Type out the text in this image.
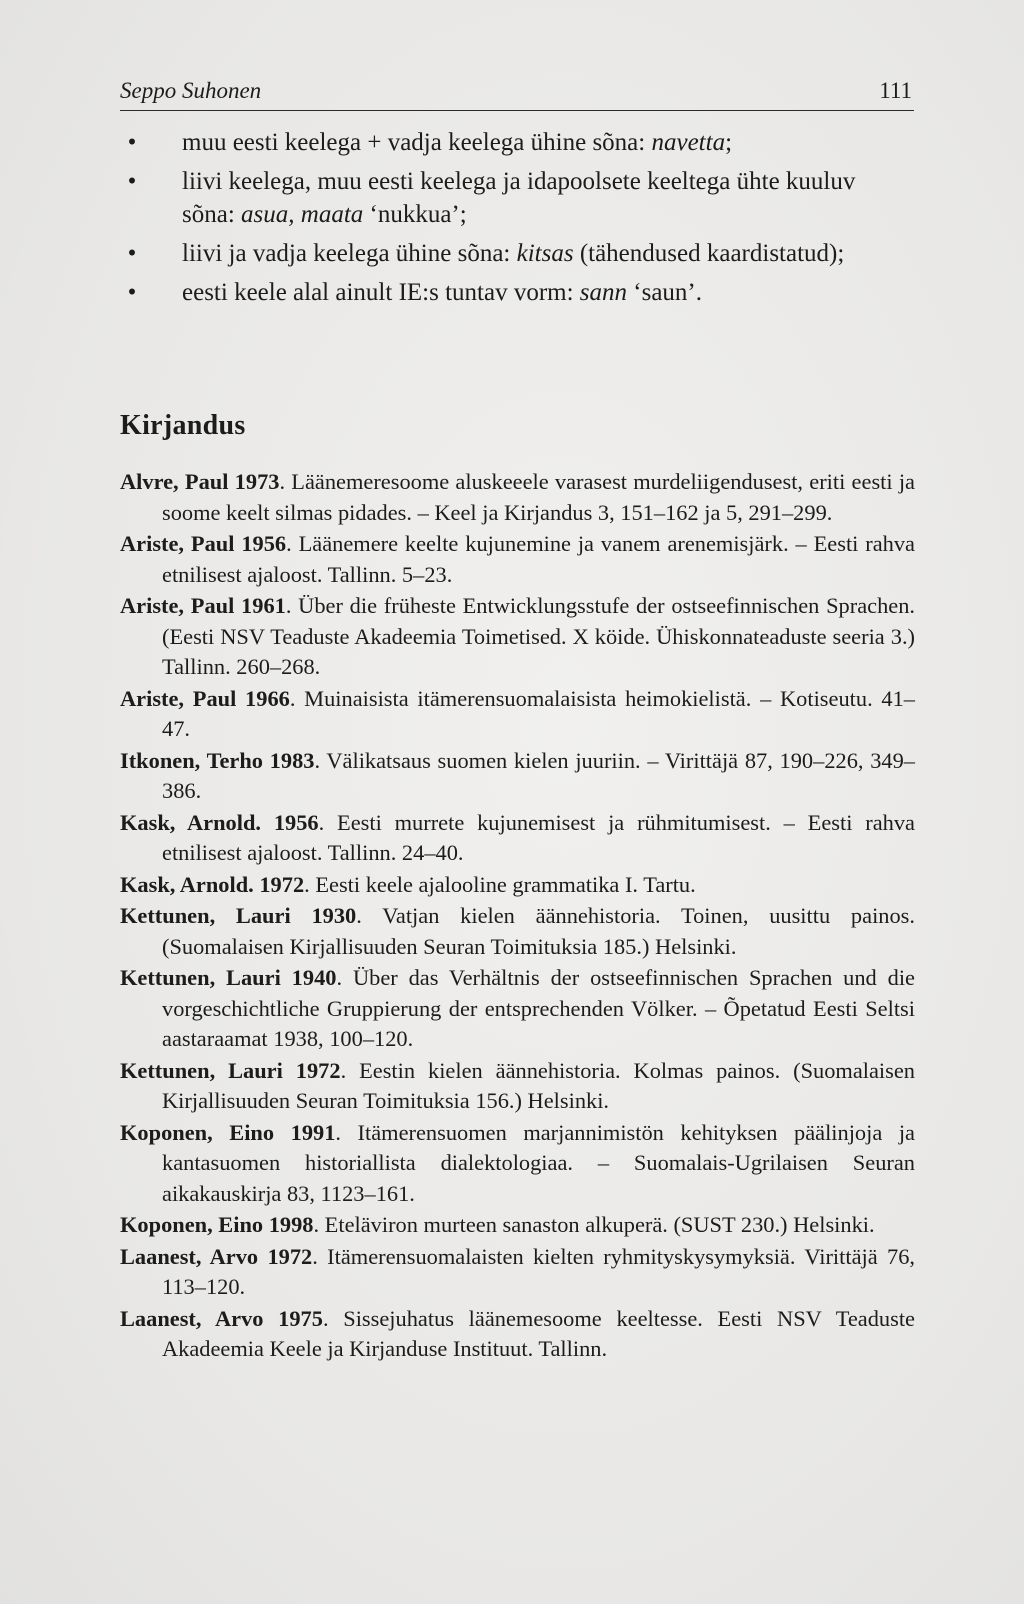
Seppo Suhonen	111
•	muu eesti keelega + vadja keelega ühine sõna: navetta;
•	liivi keelega, muu eesti keelega ja idapoolsete keeltega ühte kuuluv sõna: asua, maata ‘nukkua’;
•	liivi ja vadja keelega ühine sõna: kitsas (tähendused kaardistatud);
•	eesti keele alal ainult IE:s tuntav vorm: sann ‘saun’.
Kirjandus
Alvre, Paul 1973. Läänemeresoome aluskeeele varasest murdeliigendusest, eriti eesti ja soome keelt silmas pidades. – Keel ja Kirjandus 3, 151–162 ja 5, 291–299.
Ariste, Paul 1956. Läänemere keelte kujunemine ja vanem arenemisjärk. – Eesti rahva etnilisest ajaloost. Tallinn. 5–23.
Ariste, Paul 1961. Über die früheste Entwicklungsstufe der ostseefinnischen Sprachen. (Eesti NSV Teaduste Akadeemia Toimetised. X köide. Ühiskonnateaduste seeria 3.) Tallinn. 260–268.
Ariste, Paul 1966. Muinaisista itämerensuomalaisista heimokielistä. – Kotiseutu. 41–47.
Itkonen, Terho 1983. Välikatsaus suomen kielen juuriin. – Virittäjä 87, 190–226, 349–386.
Kask, Arnold. 1956. Eesti murrete kujunemisest ja rühmitumisest. – Eesti rahva etnilisest ajaloost. Tallinn. 24–40.
Kask, Arnold. 1972. Eesti keele ajalooline grammatika I. Tartu.
Kettunen, Lauri 1930. Vatjan kielen äännehistoria. Toinen, uusittu painos. (Suomalaisen Kirjallisuuden Seuran Toimituksia 185.) Helsinki.
Kettunen, Lauri 1940. Über das Verhältnis der ostseefinnischen Sprachen und die vorgeschichtliche Gruppierung der entsprechenden Völker. – Õpetatud Eesti Seltsi aastaraamat 1938, 100–120.
Kettunen, Lauri 1972. Eestin kielen äännehistoria. Kolmas painos. (Suomalaisen Kirjallisuuden Seuran Toimituksia 156.) Helsinki.
Koponen, Eino 1991. Itämerensuomen marjannimistön kehityksen päälinjoja ja kantasuomen historiallista dialektologiaa. – Suomalais-Ugrilaisen Seuran aikakauskirja 83, 1123–161.
Koponen, Eino 1998. Eteläviron murteen sanaston alkuperä. (SUST 230.) Helsinki.
Laanest, Arvo 1972. Itämerensuomalaisten kielten ryhmityskysymyksiä. Virittäjä 76, 113–120.
Laanest, Arvo 1975. Sissejuhatus läänemesoome keeltesse. Eesti NSV Teaduste Akadeemia Keele ja Kirjanduse Instituut. Tallinn.
